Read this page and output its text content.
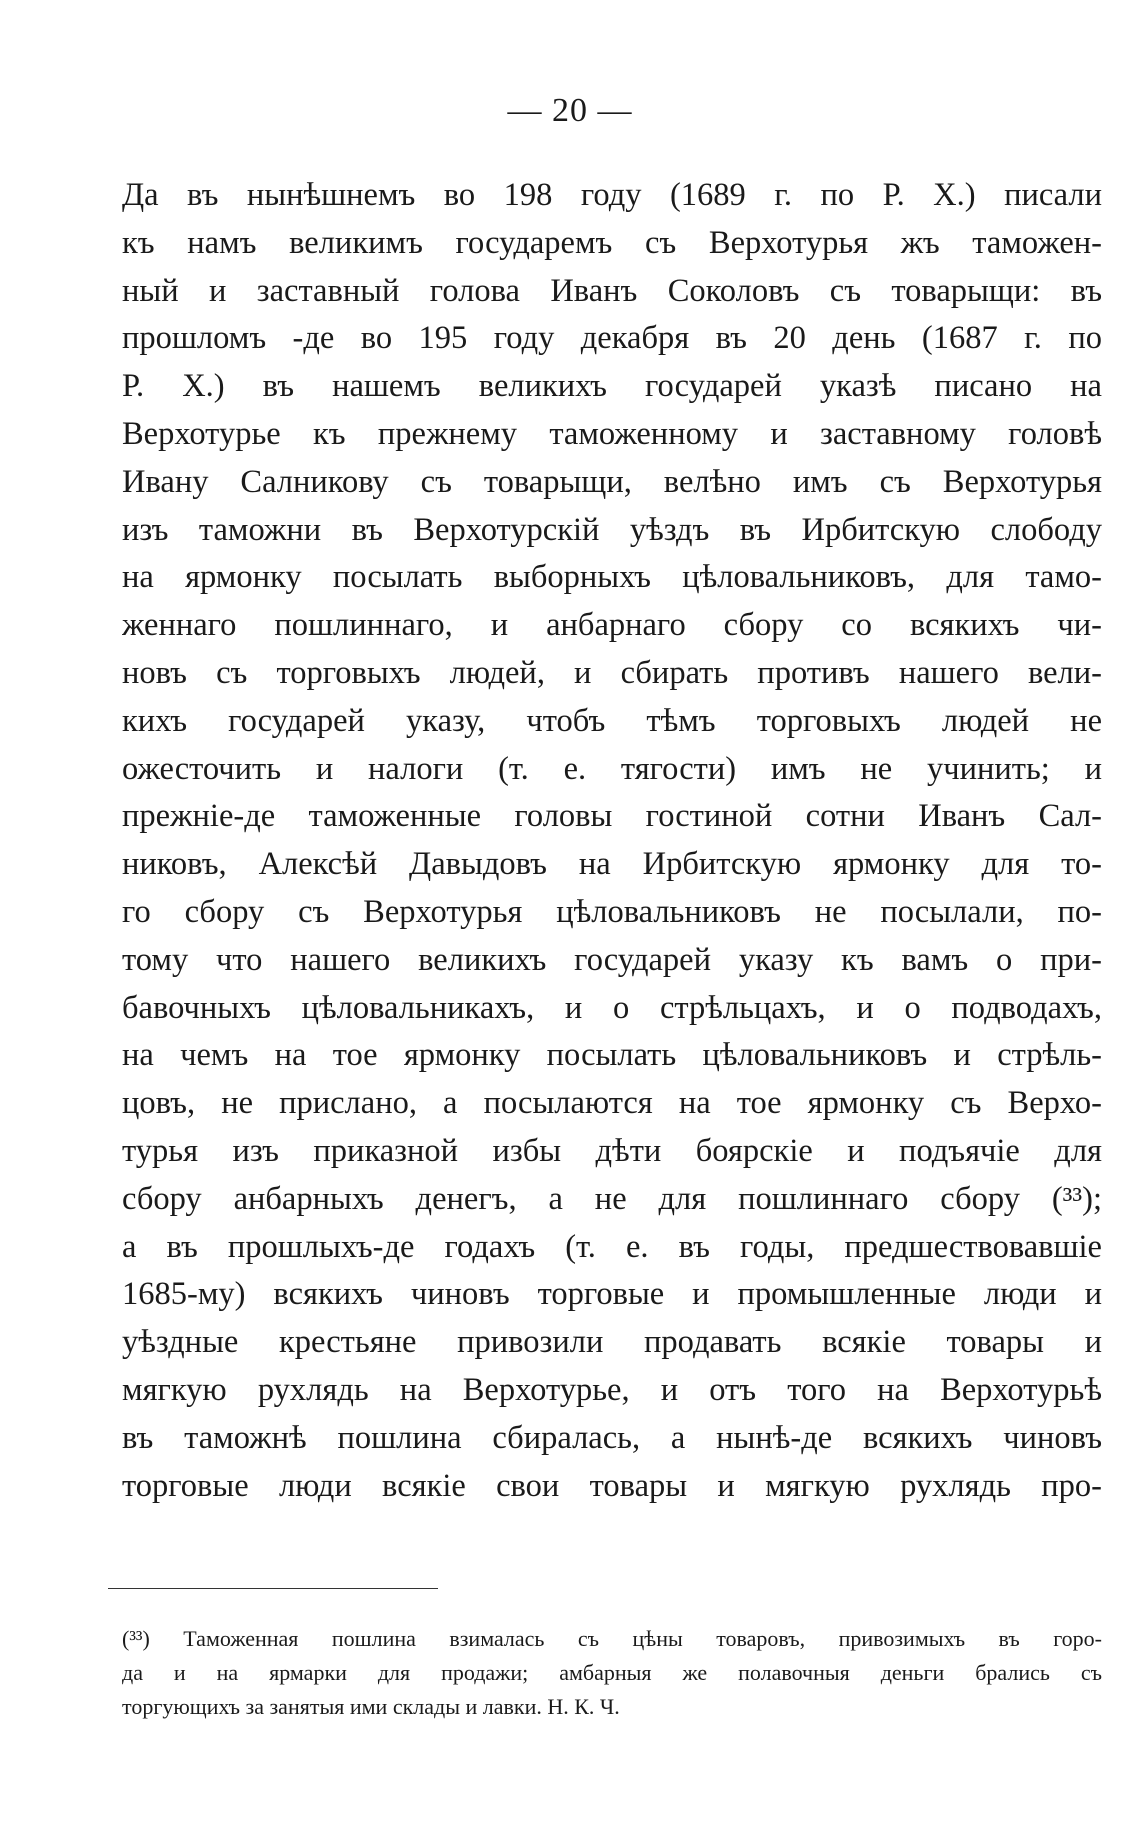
— 20 —
Да въ нынѣшнемъ во 198 году (1689 г. по Р. Х.) писали
къ намъ великимъ государемъ съ Верхотурья жъ таможен-
ный и заставный голова Иванъ Соколовъ съ товарыщи: въ
прошломъ -де во 195 году декабря въ 20 день (1687 г. по
Р. Х.) въ нашемъ великихъ государей указѣ писано на
Верхотурье къ прежнему таможенному и заставному головѣ
Ивану Салникову съ товарыщи, велѣно имъ съ Верхотурья
изъ таможни въ Верхотурскій уѣздъ въ Ирбитскую слободу
на ярмонку посылать выборныхъ цѣловальниковъ, для тамо-
женнаго пошлиннаго, и анбарнаго сбору со всякихъ чи-
новъ съ торговыхъ людей, и сбирать противъ нашего вели-
кихъ государей указу, чтобъ тѣмъ торговыхъ людей не
ожесточить и налоги (т. е. тягости) имъ не учинить; и
прежніе-де таможенные головы гостиной сотни Иванъ Сал-
никовъ, Алексѣй Давыдовъ на Ирбитскую ярмонку для то-
го сбору съ Верхотурья цѣловальниковъ не посылали, по-
тому что нашего великихъ государей указу къ вамъ о при-
бавочныхъ цѣловальникахъ, и о стрѣльцахъ, и о подводахъ,
на чемъ на тое ярмонку посылать цѣловальниковъ и стрѣль-
цовъ, не прислано, а посылаются на тое ярмонку съ Верхо-
турья изъ приказной избы дѣти боярскіе и подъячіе для
сбору анбарныхъ денегъ, а не для пошлиннаго сбору (³³);
а въ прошлыхъ-де годахъ (т. е. въ годы, предшествовавшіе
1685-му) всякихъ чиновъ торговые и промышленные люди и
уѣздные крестьяне привозили продавать всякіе товары и
мягкую рухлядь на Верхотурье, и отъ того на Верхотурьѣ
въ таможнѣ пошлина сбиралась, а нынѣ-де всякихъ чиновъ
торговые люди всякіе свои товары и мягкую рухлядь про-
(³³) Таможенная пошлина взималась съ цѣны товаровъ, привозимыхъ въ горо-
да и на ярмарки для продажи; амбарныя же полавочныя деньги брались съ
торгующихъ за занятыя ими склады и лавки. Н. К. Ч.
